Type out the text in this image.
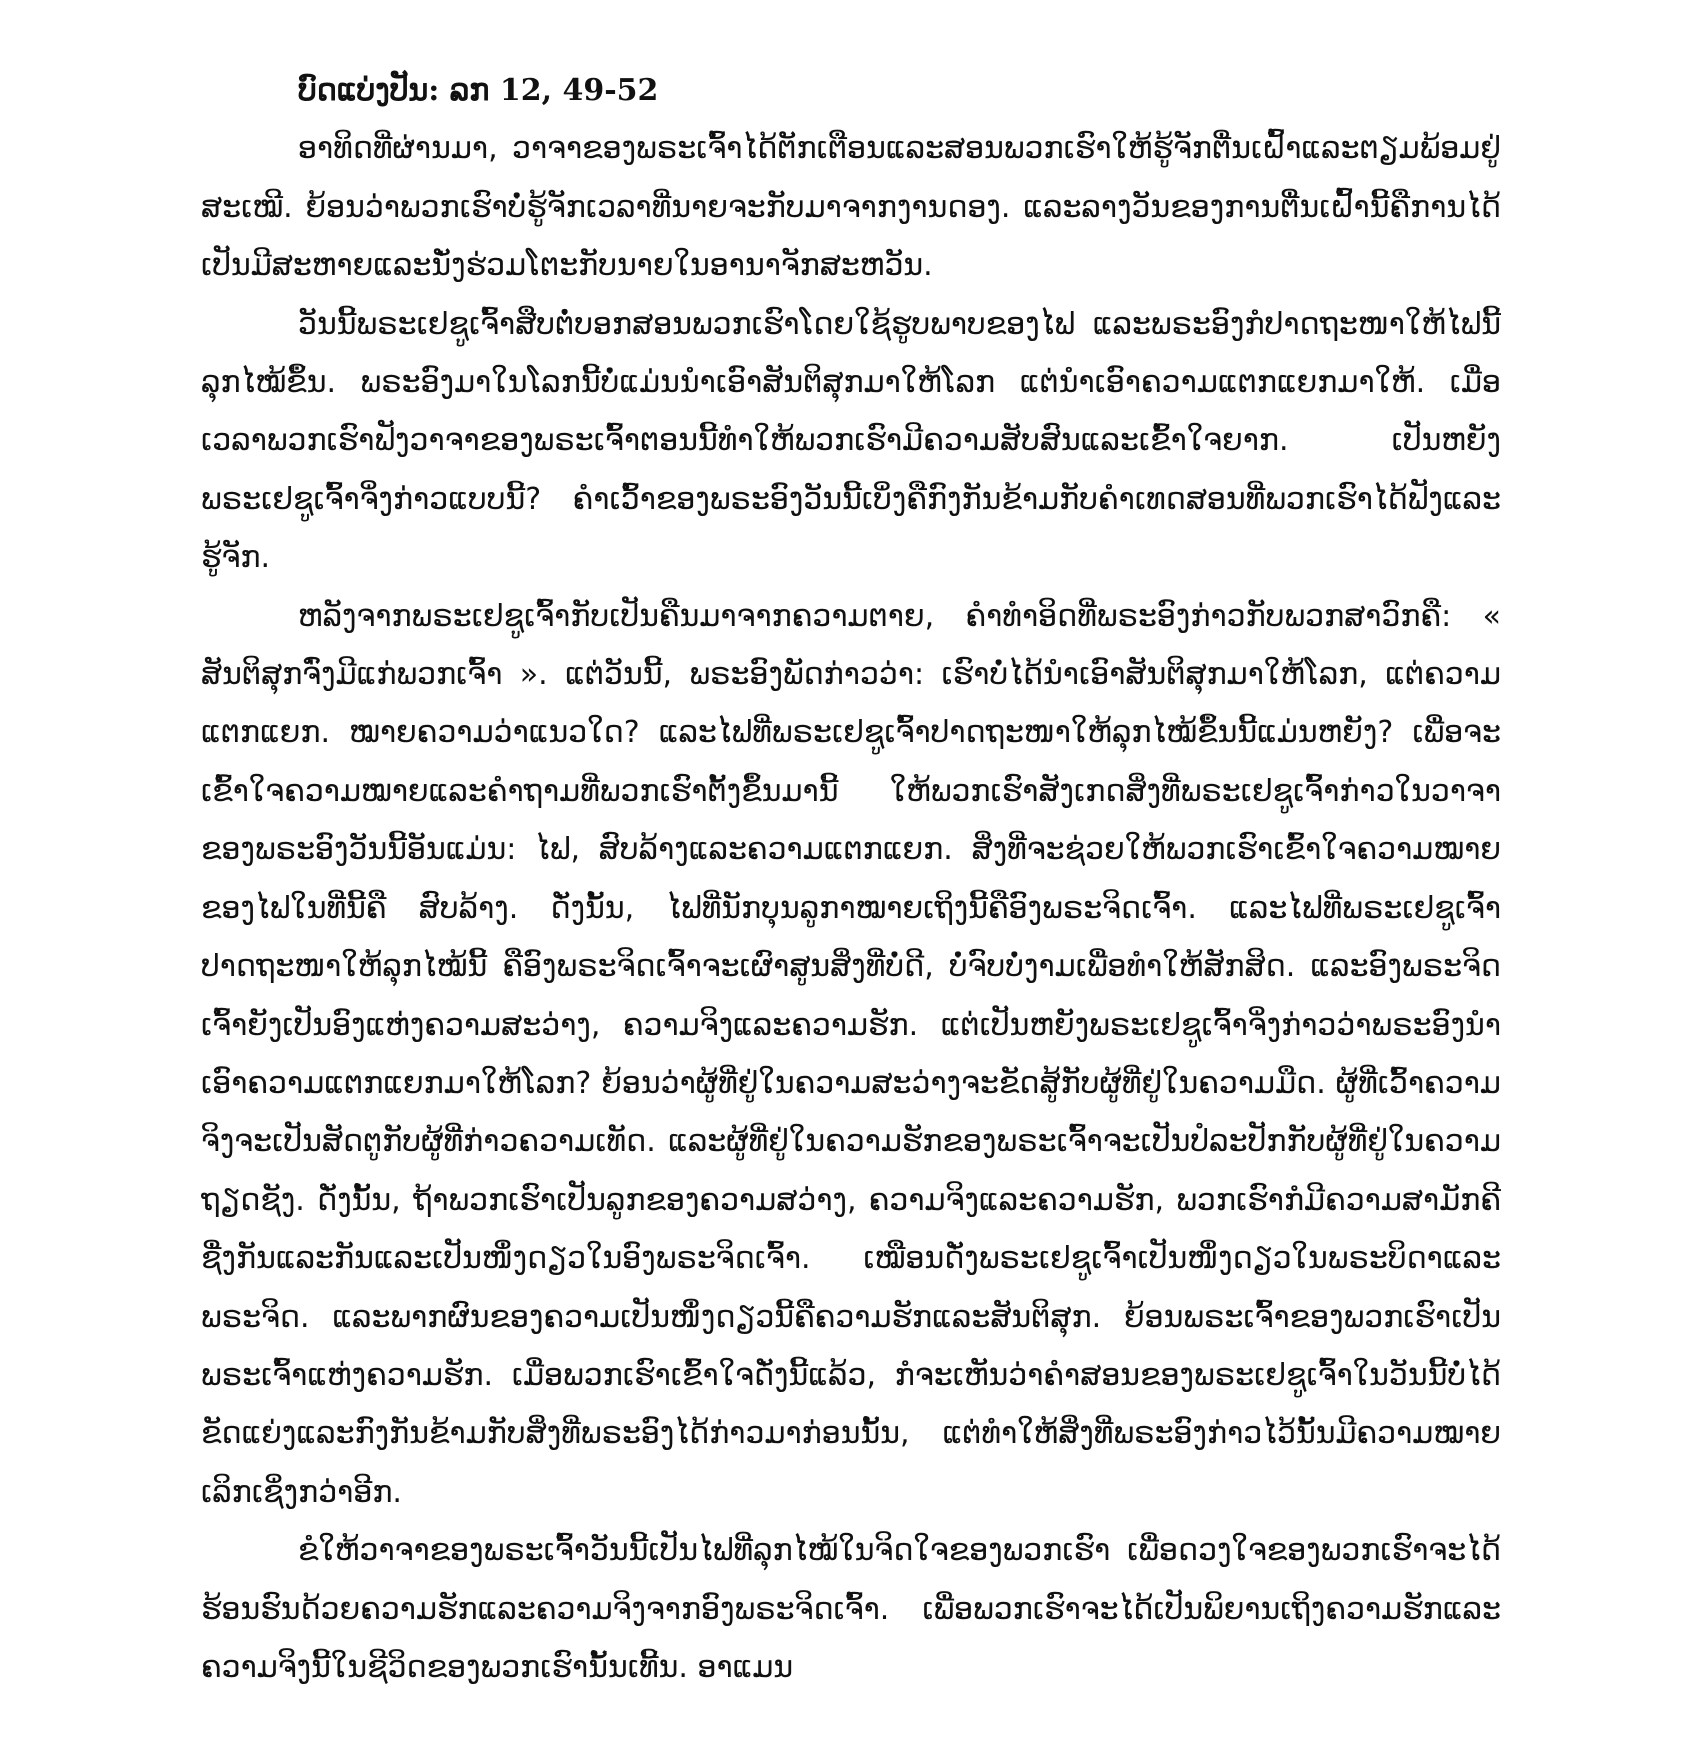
ບົດແບ່ງປັນ: ລກ 12, 49-52

ອາທິດທີ່ຜ່ານມາ, ວາຈາຂອງພຣະເຈົ້າໄດ້ຕັກເຕືອນແລະສອນພວກເຮົາໃຫ້ຮູ້ຈັກຕື່ນເຝົ້າແລະຕຽມພ້ອມຢູ່ສະເໝີ. ຍ້ອນວ່າພວກເຮົາບໍ່ຮູ້ຈັກເວລາທີ່ນາຍຈະກັບມາຈາກງານດອງ. ແລະລາງວັນຂອງການຕື່ນເຝົ້ານີ້ຄືການໄດ້ເປັນມີສະຫາຍແລະນັ່ງຮ່ວມໂຕະກັບນາຍໃນອານາຈັກສະຫວັນ.

ວັນນີ້ພຣະເຢຊູເຈົ້າສືບຕໍ່ບອກສອນພວກເຮົາໂດຍໃຊ້ຮູບພາບຂອງໄຟ ແລະພຣະອົງກໍປາດຖະໜາໃຫ້ໄຟນີ້ລຸກໄໝ້ຂຶ້ນ. ພຣະອົງມາໃນໂລກນີ້ບໍ່ແມ່ນນຳເອົາສັນຕິສຸກມາໃຫ້ໂລກ ແຕ່ນຳເອົາຄວາມແຕກແຍກມາໃຫ້. ເມື່ອເວລາພວກເຮົາຟັງວາຈາຂອງພຣະເຈົ້າຕອນນີ້ທຳໃຫ້ພວກເຮົາມີຄວາມສັບສົນແລະເຂົ້າໃຈຍາກ. ເປັນຫຍັງພຣະເຢຊູເຈົ້າຈິ່ງກ່າວແບບນີ້? ຄຳເວົ້າຂອງພຣະອົງວັນນີ້ເບິ່ງຄືກົງກັນຂ້າມກັບຄຳເທດສອນທີ່ພວກເຮົາໄດ້ຟັງແລະຮູ້ຈັກ.

ຫລັງຈາກພຣະເຢຊູເຈົ້າກັບເປັນຄືນມາຈາກຄວາມຕາຍ, ຄຳທຳອິດທີ່ພຣະອົງກ່າວກັບພວກສາວົກຄື: « ສັນຕິສຸກຈົ່ງມີແກ່ພວກເຈົ້າ ». ແຕ່ວັນນີ້, ພຣະອົງພັດກ່າວວ່າ: ເຮົາບໍ່ໄດ້ນຳເອົາສັນຕິສຸກມາໃຫ້ໂລກ, ແຕ່ຄວາມແຕກແຍກ. ໝາຍຄວາມວ່າແນວໃດ? ແລະໄຟທີ່ພຣະເຢຊູເຈົ້າປາດຖະໜາໃຫ້ລຸກໄໝ້ຂຶ້ນນີ້ແມ່ນຫຍັງ? ເພື່ອຈະເຂົ້າໃຈຄວາມໝາຍແລະຄຳຖາມທີ່ພວກເຮົາຕັ້ງຂຶ້ນມານີ້ ໃຫ້ພວກເຮົາສັງເກດສິ່ງທີ່ພຣະເຢຊູເຈົ້າກ່າວໃນວາຈາຂອງພຣະອົງວັນນີ້ອັນແມ່ນ: ໄຟ, ສົບລ້າງແລະຄວາມແຕກແຍກ. ສິ່ງທີ່ຈະຊ່ວຍໃຫ້ພວກເຮົາເຂົ້າໃຈຄວາມໝາຍຂອງໄຟໃນທີ່ນີ້ຄື ສົບລ້າງ. ດັ່ງນັ້ນ, ໄຟທີ່ນັກບຸນລູກາໝາຍເຖິງນີ້ຄືອົງພຣະຈິດເຈົ້າ. ແລະໄຟທີ່ພຣະເຢຊູເຈົ້າປາດຖະໜາໃຫ້ລຸກໄໝ້ນີ້ ຄືອົງພຣະຈິດເຈົ້າຈະເຜົາສູນສິ່ງທີ່ບໍ່ດີ, ບໍ່ຈົບບໍ່ງາມເພື່ອທຳໃຫ້ສັກສິດ. ແລະອົງພຣະຈິດເຈົ້າຍັງເປັນອົງແຫ່ງຄວາມສະວ່າງ, ຄວາມຈິງແລະຄວາມຮັກ. ແຕ່ເປັນຫຍັງພຣະເຢຊູເຈົ້າຈິ່ງກ່າວວ່າພຣະອົງນຳເອົາຄວາມແຕກແຍກມາໃຫ້ໂລກ? ຍ້ອນວ່າຜູ້ທີ່ຢູ່ໃນຄວາມສະວ່າງຈະຂັດສູ້ກັບຜູ້ທີ່ຢູ່ໃນຄວາມມືດ. ຜູ້ທີ່ເວົ້າຄວາມຈິງຈະເປັນສັດຕູກັບຜູ້ທີ່ກ່າວຄວາມເທັດ. ແລະຜູ້ທີ່ຢູ່ໃນຄວາມຮັກຂອງພຣະເຈົ້າຈະເປັນປໍລະປັກກັບຜູ້ທີ່ຢູ່ໃນຄວາມຖຽດຊັງ. ດັ່ງນັ້ນ, ຖ້າພວກເຮົາເປັນລູກຂອງຄວາມສວ່າງ, ຄວາມຈິງແລະຄວາມຮັກ, ພວກເຮົາກໍມີຄວາມສາມັກຄີຊື່ງກັນແລະກັນແລະເປັນໜຶ່ງດຽວໃນອົງພຣະຈິດເຈົ້າ. ເໝືອນດັ່ງພຣະເຢຊູເຈົ້າເປັນໜຶ່ງດຽວໃນພຣະບິດາແລະພຣະຈິດ. ແລະພາກຜົນຂອງຄວາມເປັນໜຶ່ງດຽວນີ້ຄືຄວາມຮັກແລະສັນຕິສຸກ. ຍ້ອນພຣະເຈົ້າຂອງພວກເຮົາເປັນພຣະເຈົ້າແຫ່ງຄວາມຮັກ. ເມື່ອພວກເຮົາເຂົ້າໃຈດັ່ງນີ້ແລ້ວ, ກໍຈະເຫັນວ່າຄຳສອນຂອງພຣະເຢຊູເຈົ້າໃນວັນນີ້ບໍ່ໄດ້ຂັດແຍ່ງແລະກົງກັນຂ້າມກັບສິ່ງທີ່ພຣະອົງໄດ້ກ່າວມາກ່ອນນັ້ນ, ແຕ່ທຳໃຫ້ສິ່ງທີ່ພຣະອົງກ່າວໄວ້ນັ້ນມີຄວາມໝາຍເລິກເຊິ່ງກວ່າອີກ.

ຂໍໃຫ້ວາຈາຂອງພຣະເຈົ້າວັນນີ້ເປັນໄຟທີ່ລຸກໄໝ້ໃນຈິດໃຈຂອງພວກເຮົາ ເພື່ອດວງໃຈຂອງພວກເຮົາຈະໄດ້ຮ້ອນຮົນດ້ວຍຄວາມຮັກແລະຄວາມຈິງຈາກອົງພຣະຈິດເຈົ້າ. ເພື່ອພວກເຮົາຈະໄດ້ເປັນພິຍານເຖິງຄວາມຮັກແລະຄວາມຈິງນີ້ໃນຊີວິດຂອງພວກເຮົານັ້ນເທີ້ນ. ອາແມນ
